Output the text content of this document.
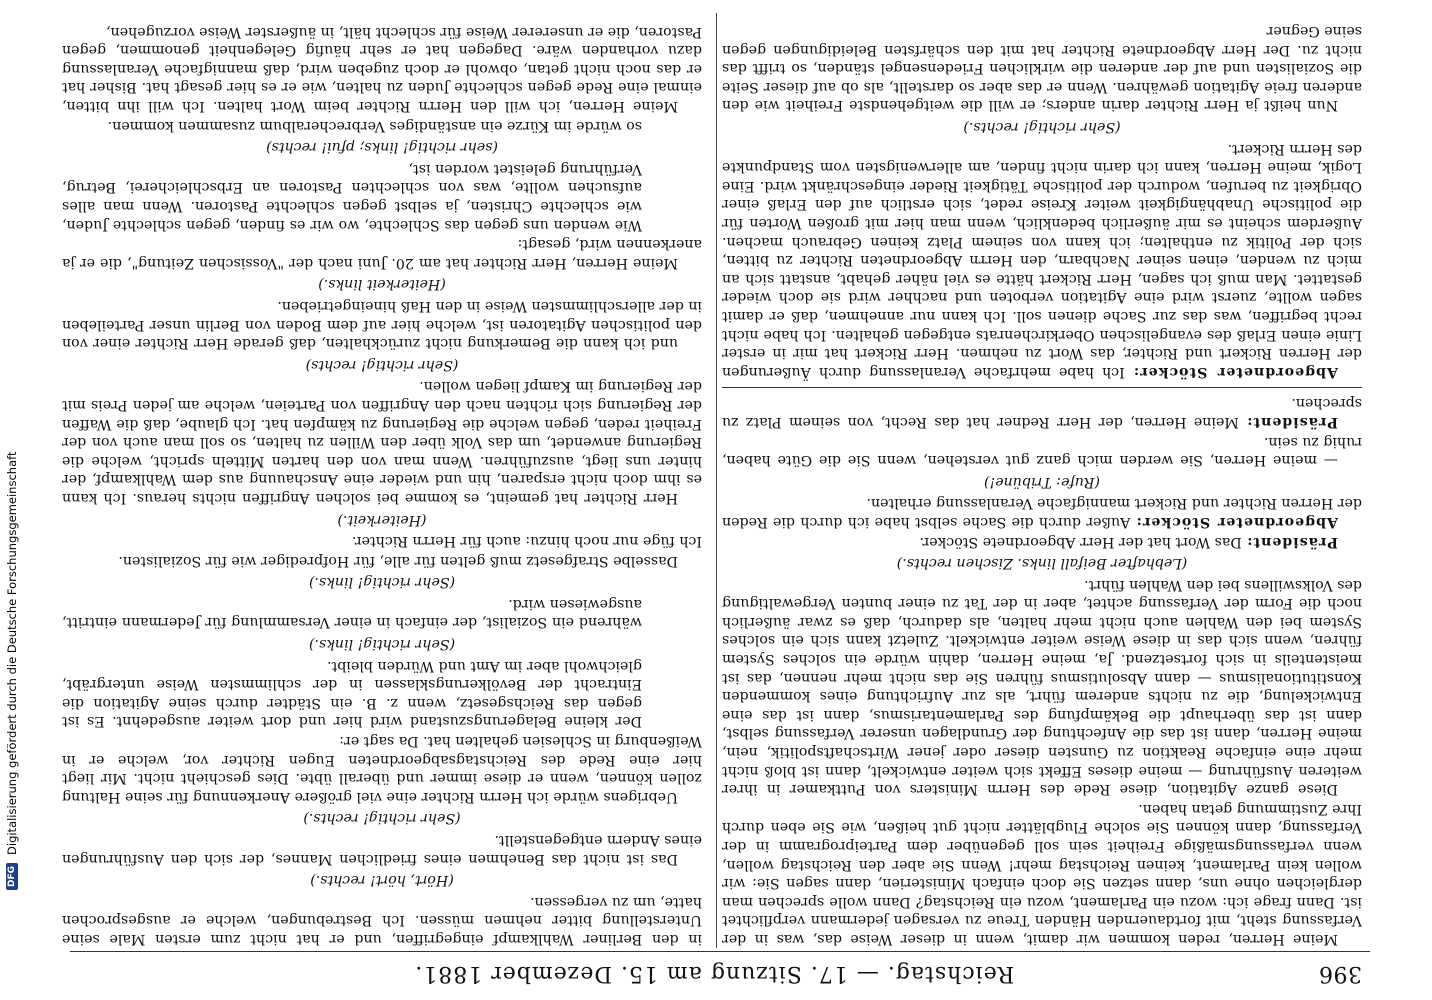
396
Reichstag. — 17. Sitzung am 15. Dezember 1881.

Meine Herren, reden kommen wir damit, wenn in dieser Weise das, was in der Verfassung steht, mit fortdauernden Händen Treue zu versagen jedermann verpflichtet ist. Dann frage ich: wozu ein Parlament, wozu ein Reichstag? Dann wolle sprechen man dergleichen ohne uns, dann setzen Sie doch einfach Ministerien, dann sagen Sie: wir wollen kein Parlament, keinen Reichstag mehr! Wenn Sie aber den Reichstag wollen, wenn verfassungsmäßige Freiheit sein soll gegenüber dem Parteiprogramm in der Verfassung, dann können Sie solche Flugblätter nicht gut heißen, wie Sie eben durch Ihre Zustimmung getan haben.

Diese ganze Agitation, diese Rede des Herrn Ministers von Puttkamer in ihrer weiteren Ausführung — meine dieses Effekt sich weiter entwickelt, dann ist bloß nicht mehr eine einfache Reaktion zu Gunsten dieser oder jener Wirtschaftspolitik, nein, meine Herren, dann ist das die Anfechtung der Grundlagen unserer Verfassung selbst, dann ist das überhaupt die Bekämpfung des Parlamentarismus, dann ist das eine Entwickelung, die zu nichts anderem führt, als zur Aufrichtung eines kommenden Konstitutionalismus — dann Absolutismus führen Sie das nicht mehr nennen, das ist meistenteils in sich fortsetzend. Ja, meine Herren, dahin würde ein solches System führen, wenn sich das in diese Weise weiter entwickelt. Zuletzt kann sich ein solches System bei den Wahlen auch nicht mehr halten, als dadurch, daß es zwar äußerlich noch die Form der Verfassung achtet, aber in der Tat zu einer bunten Vergewaltigung des Volkswillens bei den Wahlen führt.

(Lebhafter Beifall links. Zischen rechts.)

Präsident: Das Wort hat der Herr Abgeordnete Stöcker.

Abgeordneter Stöcker: Außer durch die Sache selbst habe ich durch die Reden der Herren Richter und Rickert mannigfache Veranlassung erhalten.

(Rufe: Tribüne!)

— meine Herren, Sie werden mich ganz gut verstehen, wenn Sie die Güte haben, ruhig zu sein.

Präsident: Meine Herren, der Herr Redner hat das Recht, von seinem Platz zu sprechen.

Abgeordneter Stöcker: Ich habe mehrfache Veranlassung durch Äußerungen der Herren Rickert und Richter, das Wort zu nehmen. Herr Rickert hat mir in erster Linie einen Erlaß des evangelischen Oberkirchenrats entgegen gehalten. Ich habe nicht recht begriffen, was das zur Sache dienen soll. Ich kann nur annehmen, daß er damit sagen wollte, zuerst wird eine Agitation verboten und nachher wird sie doch wieder gestattet. Man muß ich sagen, Herr Rickert hätte es viel näher gehabt, anstatt sich an mich zu wenden, einen seiner Nachbarn, den Herrn Abgeordneten Richter zu bitten, sich der Politik zu enthalten; ich kann von seinem Platz keinen Gebrauch machen. Außerdem scheint es mir äußerlich bedenklich, wenn man hier mit großen Worten für die politische Unabhängigkeit weiter Kreise redet, sich erstlich auf den Erlaß einer Obrigkeit zu berufen, wodurch der politische Tätigkeit Rieder eingeschränkt wird. Eine Logik, meine Herren, kann ich darin nicht finden, am allerwenigsten vom Standpunkte des Herrn Rickert.

(Sehr richtig! rechts.)

Nun heißt ja Herr Richter darin anders; er will die weitgehendste Freiheit wie den anderen freie Agitation gewähren. Wenn er das aber so darstellt, als ob auf dieser Seite die Sozialisten und auf der anderen die wirklichen Friedensengel ständen, so trifft das nicht zu. Der Herr Abgeordnete Richter hat mit den schärfsten Beleidigungen gegen seine Gegner

in den Berliner Wahlkampf eingegriffen, und er hat nicht zum ersten Male seine Unterstellung bitter nehmen müssen. Ich Bestrebungen, welche er ausgesprochen hatte, um zu vergessen.

(Hört, hört! rechts.)

Das ist nicht das Benehmen eines friedlichen Mannes, der sich den Ausführungen eines Andern entgegenstellt.

(Sehr richtig! rechts.)

Uebrigens würde ich Herrn Richter eine viel größere Anerkennung für seine Haltung zollen können, wenn er diese immer und überall übte. Dies geschieht nicht. Mir liegt hier eine Rede des Reichstagsabgeordneten Eugen Richter vor, welche er in Weißenburg in Schlesien gehalten hat. Da sagt er:

Der kleine Belagerungszustand wird hier und dort weiter ausgedehnt. Es ist gegen das Reichsgesetz, wenn z. B. ein Städter durch seine Agitation die Eintracht der Bevölkerungsklassen in der schlimmsten Weise untergräbt, gleichwohl aber im Amt und Würden bleibt.

(Sehr richtig! links.)

während ein Sozialist, der einfach in einer Versammlung für Jedermann eintritt, ausgewiesen wird.

(Sehr richtig! links.)

Dasselbe Strafgesetz muß gelten für alle, für Hofprediger wie für Sozialisten.

Ich füge nur noch hinzu: auch für Herrn Richter.

(Heiterkeit.)

Herr Richter hat gemeint, es komme bei solchen Angriffen nichts heraus. Ich kann es ihm doch nicht ersparen, hin und wieder eine Anschauung aus dem Wahlkampf, der hinter uns liegt, auszuführen. Wenn man von den harten Mitteln spricht, welche die Regierung anwendet, um das Volk über den Willen zu halten, so soll man auch von der Freiheit reden, gegen welche die Regierung zu kämpfen hat. Ich glaube, daß die Waffen der Regierung sich richten nach den Angriffen von Parteien, welche am jeden Preis mit der Regierung im Kampf liegen wollen.

(Sehr richtig! rechts)

und ich kann die Bemerkung nicht zurückhalten, daß gerade Herr Richter einer von den politischen Agitatoren ist, welche hier auf dem Boden von Berlin unser Parteileben in der allerschlimmsten Weise in den Haß hineingetrieben.

(Heiterkeit links.)

Meine Herren, Herr Richter hat am 20. Juni nach der "Vossischen Zeitung", die er ja anerkennen wird, gesagt:

Wie wenden uns gegen das Schlechte, wo wir es finden, gegen schlechte Juden, wie schlechte Christen, ja selbst gegen schlechte Pastoren. Wenn man alles aufsuchen wollte, was von schlechten Pastoren an Erbschleicherei, Betrug, Verführung geleistet worden ist,

(sehr richtig! links; pfui! rechts)

so würde im Kürze ein anständiges Verbrecheralbum zusammen kommen.

Meine Herren, ich will den Herrn Richter beim Wort halten. Ich will ihn bitten, einmal eine Rede gegen schlechte Juden zu halten, wie er es hier gesagt hat. Bisher hat er das noch nicht getan, obwohl er doch zugeben wird, daß mannigfache Veranlassung dazu vorhanden wäre. Dagegen hat er sehr häufig Gelegenheit genommen, gegen Pastoren, die er unsererer Weise für schlecht hält, in äußerster Weise vorzugehen,

DFG
Digitalisierung gefördert durch die Deutsche Forschungsgemeinschaft
